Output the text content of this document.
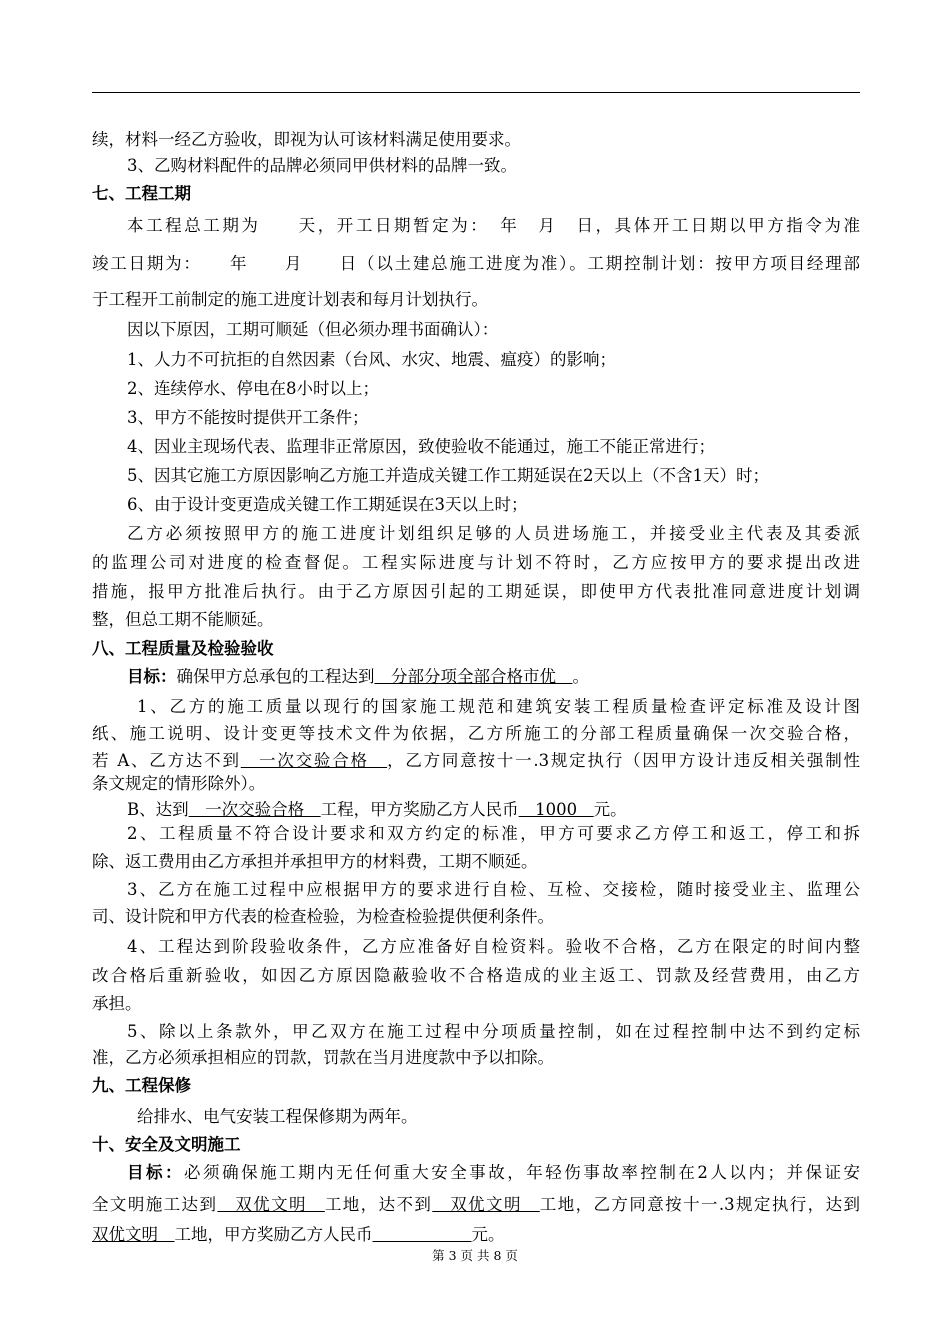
续，材料一经乙方验收，即视为认可该材料满足使用要求。
3、乙购材料配件的品牌必须同甲供材料的品牌一致。
七、工程工期
本工程总工期为　　天，开工日期暂定为：　年　月　日，具体开工日期以甲方指令为准
竣工日期为：　　年　　月　　日（以土建总施工进度为准）。工期控制计划：按甲方项目经理部
于工程开工前制定的施工进度计划表和每月计划执行。
因以下原因，工期可顺延（但必须办理书面确认）：
1、人力不可抗拒的自然因素（台风、水灾、地震、瘟疫）的影响；
2、连续停水、停电在8小时以上；
3、甲方不能按时提供开工条件；
4、因业主现场代表、监理非正常原因，致使验收不能通过，施工不能正常进行；
5、因其它施工方原因影响乙方施工并造成关键工作工期延误在2天以上（不含1天）时；
6、由于设计变更造成关键工作工期延误在3天以上时；
乙方必须按照甲方的施工进度计划组织足够的人员进场施工，并接受业主代表及其委派
的监理公司对进度的检查督促。工程实际进度与计划不符时，乙方应按甲方的要求提出改进
措施，报甲方批准后执行。由于乙方原因引起的工期延误，即使甲方代表批准同意进度计划调
整，但总工期不能顺延。
八、工程质量及检验验收
目标：确保甲方总承包的工程达到　分部分项全部合格市优　。
1、乙方的施工质量以现行的国家施工规范和建筑安装工程质量检查评定标准及设计图
纸、施工说明、设计变更等技术文件为依据，乙方所施工的分部工程质量确保一次交验合格，
若 A、乙方达不到　一次交验合格　，乙方同意按十一.3规定执行（因甲方设计违反相关强制性
条文规定的情形除外）。
B、达到　一次交验合格　工程，甲方奖励乙方人民币　1000　元。
2、工程质量不符合设计要求和双方约定的标准，甲方可要求乙方停工和返工，停工和拆
除、返工费用由乙方承担并承担甲方的材料费，工期不顺延。
3、乙方在施工过程中应根据甲方的要求进行自检、互检、交接检，随时接受业主、监理公
司、设计院和甲方代表的检查检验，为检查检验提供便利条件。
4、工程达到阶段验收条件，乙方应准备好自检资料。验收不合格，乙方在限定的时间内整
改合格后重新验收，如因乙方原因隐蔽验收不合格造成的业主返工、罚款及经营费用，由乙方
承担。
5、除以上条款外，甲乙双方在施工过程中分项质量控制，如在过程控制中达不到约定标
准，乙方必须承担相应的罚款，罚款在当月进度款中予以扣除。
九、工程保修
给排水、电气安装工程保修期为两年。
十、安全及文明施工
目标：必须确保施工期内无任何重大安全事故，年轻伤事故率控制在2人以内；并保证安
全文明施工达到　双优文明　工地，达不到　双优文明　工地，乙方同意按十一.3规定执行，达到
双优文明　工地，甲方奖励乙方人民币　　　　　　	元。
第 3 页 共 8 页
